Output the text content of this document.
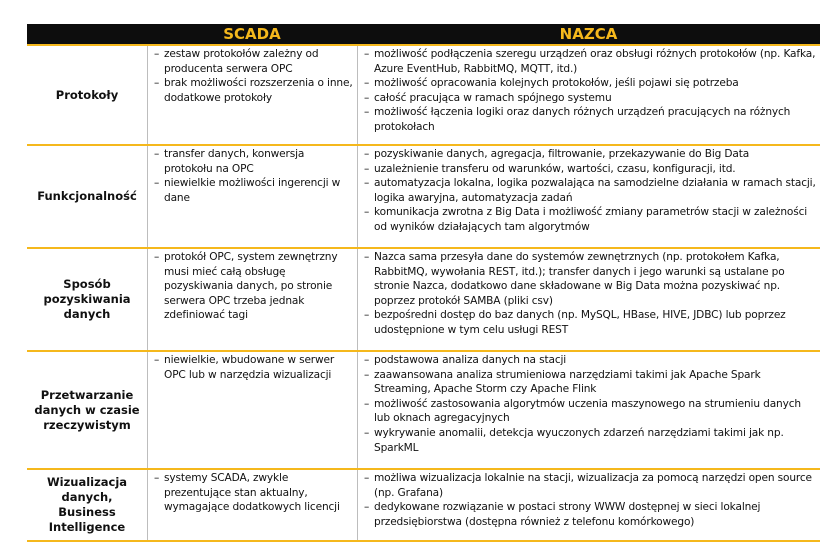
SCADA	NAZCA
Protokoły
– zestaw protokołów zależny od producenta serwera OPC
– brak możliwości rozszerzenia o inne, dodatkowe protokoły
– możliwość podłączenia szeregu urządzeń oraz obsługi różnych protokołów (np. Kafka, Azure EventHub, RabbitMQ, MQTT, itd.)
– możliwość opracowania kolejnych protokołów, jeśli pojawi się potrzeba
– całość pracująca w ramach spójnego systemu
– możliwość łączenia logiki oraz danych różnych urządzeń pracujących na różnych protokołach
Funkcjonalność
– transfer danych, konwersja protokołu na OPC
– niewielkie możliwości ingerencji w dane
– pozyskiwanie danych, agregacja, filtrowanie, przekazywanie do Big Data
– uzależnienie transferu od warunków, wartości, czasu, konfiguracji, itd.
– automatyzacja lokalna, logika pozwalająca na samodzielne działania w ramach stacji, logika awaryjna, automatyzacja zadań
– komunikacja zwrotna z Big Data i możliwość zmiany parametrów stacji w zależności od wyników działających tam algorytmów
Sposób pozyskiwania danych
– protokół OPC, system zewnętrzny musi mieć całą obsługę pozyskiwania danych, po stronie serwera OPC trzeba jednak zdefiniować tagi
– Nazca sama przesyła dane do systemów zewnętrznych (np. protokołem Kafka, RabbitMQ, wywołania REST, itd.); transfer danych i jego warunki są ustalane po stronie Nazca, dodatkowo dane składowane w Big Data można pozyskiwać np. poprzez protokół SAMBA (pliki csv)
– bezpośredni dostęp do baz danych (np. MySQL, HBase, HIVE, JDBC) lub poprzez udostępnione w tym celu usługi REST
Przetwarzanie danych w czasie rzeczywistym
– niewielkie, wbudowane w serwer OPC lub w narzędzia wizualizacji
– podstawowa analiza danych na stacji
– zaawansowana analiza strumieniowa narzędziami takimi jak Apache Spark Streaming, Apache Storm czy Apache Flink
– możliwość zastosowania algorytmów uczenia maszynowego na strumieniu danych lub oknach agregacyjnych
– wykrywanie anomalii, detekcja wyuczonych zdarzeń narzędziami takimi jak np. SparkML
Wizualizacja danych, Business Intelligence
– systemy SCADA, zwykle prezentujące stan aktualny, wymagające dodatkowych licencji
– możliwa wizualizacja lokalnie na stacji, wizualizacja za pomocą narzędzi open source (np. Grafana)
– dedykowane rozwiązanie w postaci strony WWW dostępnej w sieci lokalnej przedsiębiorstwa (dostępna również z telefonu komórkowego)
